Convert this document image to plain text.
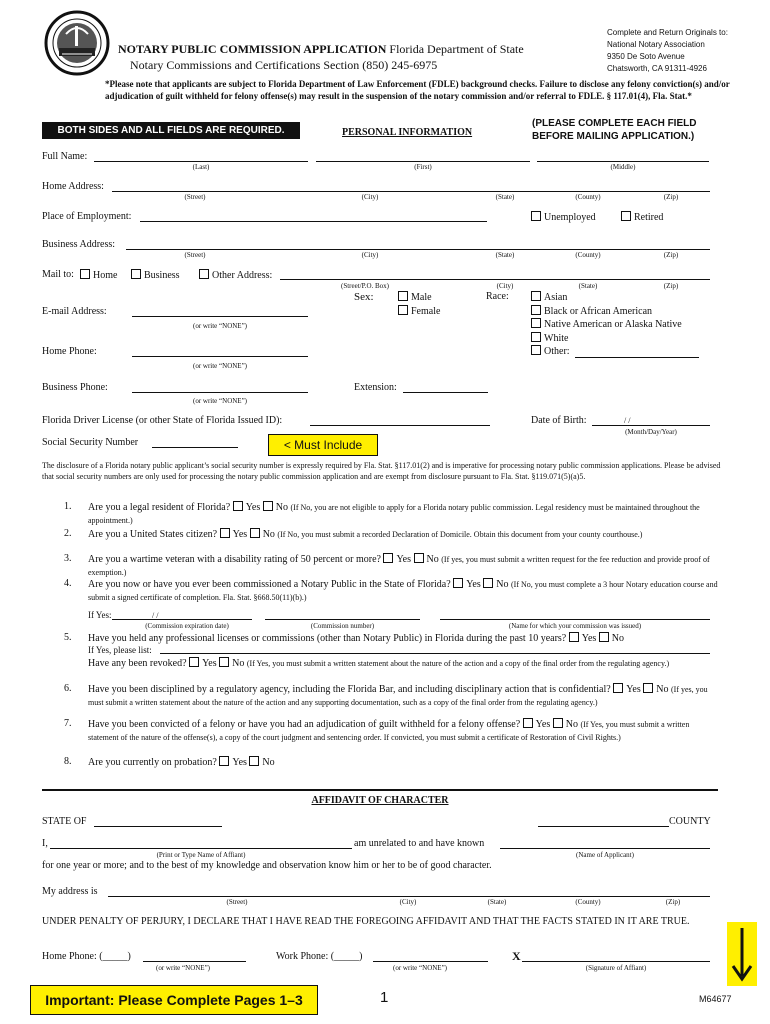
NOTARY PUBLIC COMMISSION APPLICATION Florida Department of State
Notary Commissions and Certifications Section (850) 245-6975
Complete and Return Originals to:
National Notary Association
9350 De Soto Avenue
Chatsworth, CA 91311-4926
*Please note that applicants are subject to Florida Department of Law Enforcement (FDLE) background checks. Failure to disclose any felony conviction(s) and/or adjudication of guilt withheld for felony offense(s) may result in the suspension of the notary commission and/or referral to FDLE. § 117.01(4), Fla. Stat.*
BOTH SIDES AND ALL FIELDS ARE REQUIRED.	PERSONAL INFORMATION
(PLEASE COMPLETE EACH FIELD
BEFORE MAILING APPLICATION.)
Full Name:
(Last)	(First)	(Middle)
Home Address:
(Street)	(City)	(State)	(County)	(Zip)
Place of Employment:	Unemployed	Retired
Business Address:
(Street)	(City)	(State)	(County)	(Zip)
Mail to:	Home	Business	Other Address:
(Street/P.O. Box)	(City)	(State)	(Zip)
Sex:	Male
Female
Race:	Asian
Black or African American
Native American or Alaska Native
White
Other:
E-mail Address:
(or write “NONE”)
Home Phone:
(or write “NONE”)
Business Phone:
(or write “NONE”)
Extension:
Florida Driver License (or other State of Florida Issued ID):	Date of Birth:	/ /
(Month/Day/Year)
Social Security Number	< Must Include
The disclosure of a Florida notary public applicant’s social security number is expressly required by Fla. Stat. §117.01(2) and is imperative for processing notary public commission applications. Please be advised that social security numbers are only used for processing the notary public commission application and are exempt from disclosure pursuant to Fla. Stat. §119.071(5)(a)5.
1. Are you a legal resident of Florida? Yes No (If No, you are not eligible to apply for a Florida notary public commission. Legal residency must be maintained throughout the appointment.)
2. Are you a United States citizen? Yes No (If No, you must submit a recorded Declaration of Domicile. Obtain this document from your county courthouse.)
3. Are you a wartime veteran with a disability rating of 50 percent or more? Yes No (If yes, you must submit a written request for the fee reduction and provide proof of exemption.)
4. Are you now or have you ever been commissioned a Notary Public in the State of Florida? Yes No (If No, you must complete a 3 hour Notary education course and submit a signed certificate of completion. Fla. Stat. §668.50(11)(b).)
If Yes:	/ /
(Commission expiration date)	(Commission number)	(Name for which your commission was issued)
5. Have you held any professional licenses or commissions (other than Notary Public) in Florida during the past 10 years? Yes No
If Yes, please list:
Have any been revoked? Yes No (If Yes, you must submit a written statement about the nature of the action and a copy of the final order from the regulating agency.)
6. Have you been disciplined by a regulatory agency, including the Florida Bar, and including disciplinary action that is confidential? Yes No (If yes, you must submit a written statement about the nature of the action and any supporting documentation, such as a copy of the final order from the regulating agency.)
7. Have you been convicted of a felony or have you had an adjudication of guilt withheld for a felony offense? Yes No (If Yes, you must submit a written statement of the nature of the offense(s), a copy of the court judgment and sentencing order. If convicted, you must submit a certificate of Restoration of Civil Rights.)
8. Are you currently on probation? Yes No
AFFIDAVIT OF CHARACTER
STATE OF	COUNTY
I,	am unrelated to and have known
(Print or Type Name of Affiant)	(Name of Applicant)
for one year or more; and to the best of my knowledge and observation know him or her to be of good character.
My address is
(Street)	(City)	(State)	(County)	(Zip)
UNDER PENALTY OF PERJURY, I DECLARE THAT I HAVE READ THE FOREGOING AFFIDAVIT AND THAT THE FACTS STATED IN IT ARE TRUE.
Home Phone: (_____)
(or write “NONE”)
Work Phone: (_____)
(or write “NONE”)
X
(Signature of Affiant)
Important: Please Complete Pages 1–3	1	M64677
